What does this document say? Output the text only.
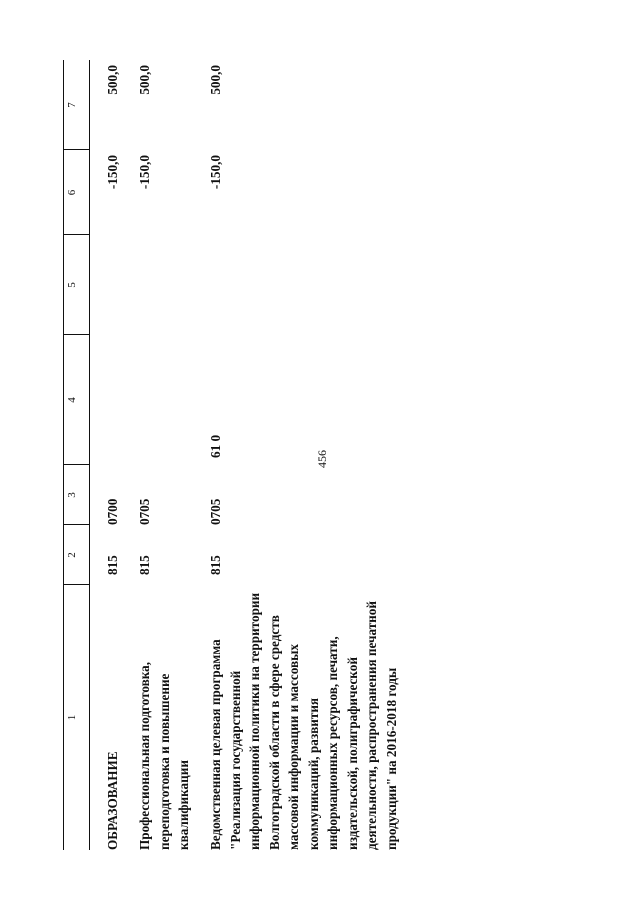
456
1
2
3
4
5
6
7
ОБРАЗОВАНИЕ
815
0700
-150,0
500,0
Профессиональная подготовка, переподготовка и повышение квалификации
815
0705
-150,0
500,0
Ведомственная целевая программа "Реализация государственной информационной политики на территории Волгоградской области в сфере средств массовой информации и массовых коммуникаций, развития информационных ресурсов, печати, издательской, полиграфической деятельности, распространения печатной продукции" на 2016-2018 годы
815
0705
61 0
-150,0
500,0
